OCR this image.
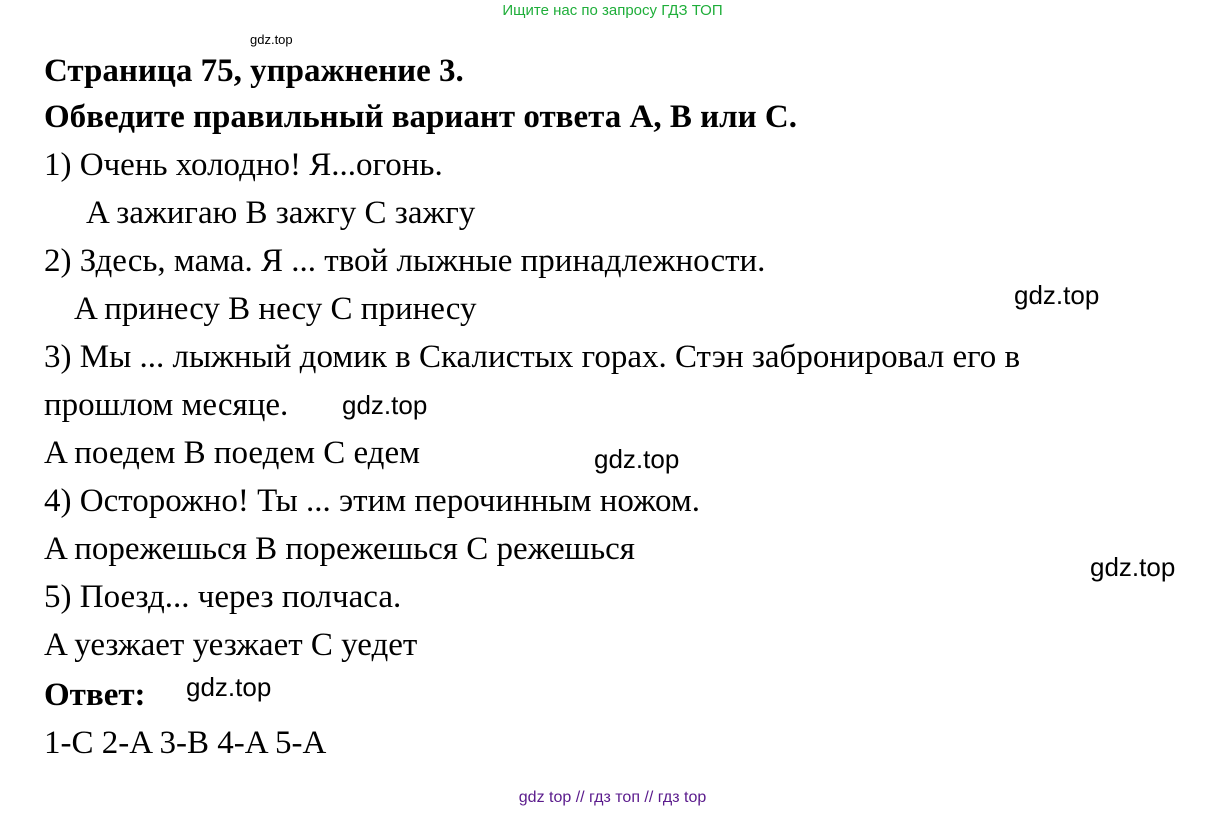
Ищите нас по запросу ГДЗ ТОП
gdz.top
Страница 75, упражнение 3.
Обведите правильный вариант ответа A, B или C.
1) Очень холодно! Я...огонь.
A зажигаю B зажгу C зажгу
2) Здесь, мама. Я ... твой лыжные принадлежности.
A принесу B несу C принесу	gdz.top
3) Мы ... лыжный домик в Скалистых горах. Стэн забронировал его в
прошлом месяце. gdz.top
A поедем B поедем C едем	gdz.top
4) Осторожно! Ты ... этим перочинным ножом.
A порежешься B порежешься C режешься	gdz.top
5) Поезд... через полчаса.
A уезжает уезжает C уедет
Ответ: gdz.top
1-C 2-A 3-B 4-A 5-A
gdz top // гдз топ // гдз top
